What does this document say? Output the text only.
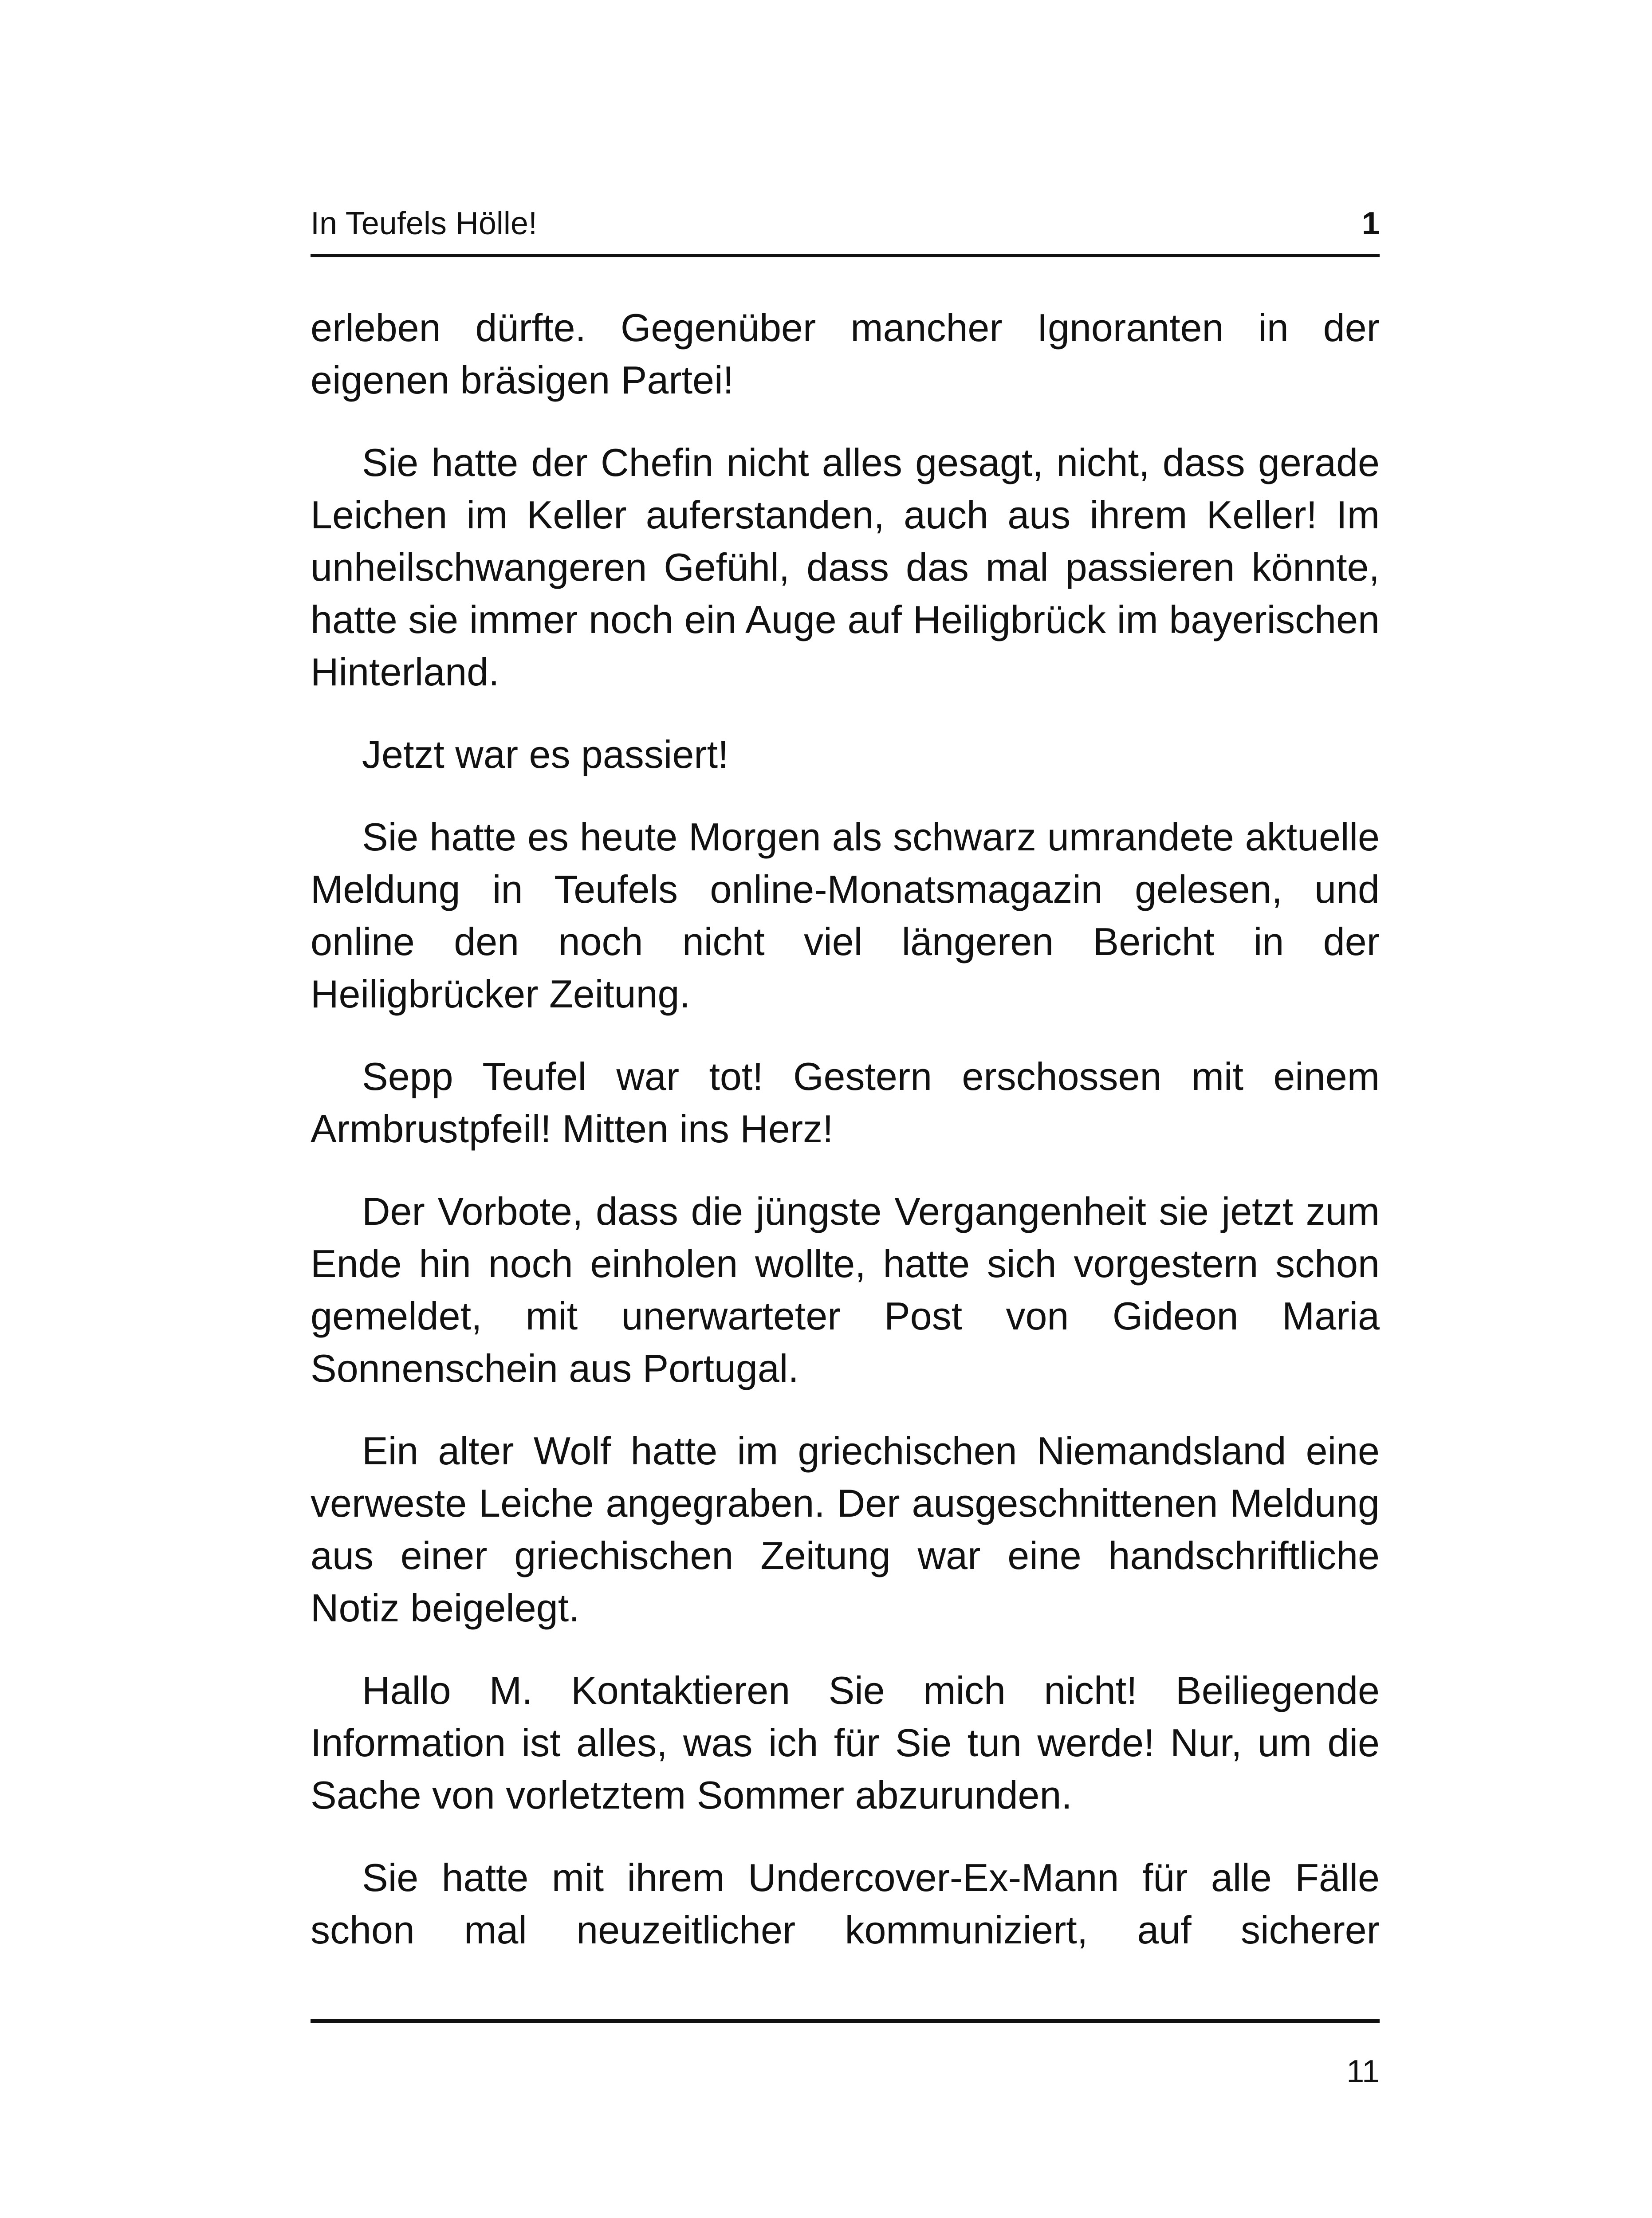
In Teufels Hölle!	1

erleben dürfte. Gegenüber mancher Ignoranten in der eigenen bräsigen Partei!

Sie hatte der Chefin nicht alles gesagt, nicht, dass gerade Leichen im Keller auferstanden, auch aus ihrem Keller! Im unheilschwangeren Gefühl, dass das mal passieren könnte, hatte sie immer noch ein Auge auf Heiligbrück im bayerischen Hinterland.

Jetzt war es passiert!

Sie hatte es heute Morgen als schwarz umrandete aktuelle Meldung in Teufels online-Monatsmagazin gelesen, und online den noch nicht viel längeren Bericht in der Heiligbrücker Zeitung.

Sepp Teufel war tot! Gestern erschossen mit einem Armbrustpfeil! Mitten ins Herz!

Der Vorbote, dass die jüngste Vergangenheit sie jetzt zum Ende hin noch einholen wollte, hatte sich vorgestern schon gemeldet, mit unerwarteter Post von Gideon Maria Sonnenschein aus Portugal.

Ein alter Wolf hatte im griechischen Niemandsland eine verweste Leiche angegraben. Der ausgeschnittenen Meldung aus einer griechischen Zeitung war eine handschriftliche Notiz beigelegt.

Hallo M. Kontaktieren Sie mich nicht! Beiliegende Information ist alles, was ich für Sie tun werde! Nur, um die Sache von vorletztem Sommer abzurunden.

Sie hatte mit ihrem Undercover-Ex-Mann für alle Fälle schon mal neuzeitlicher kommuniziert, auf sicherer

11
